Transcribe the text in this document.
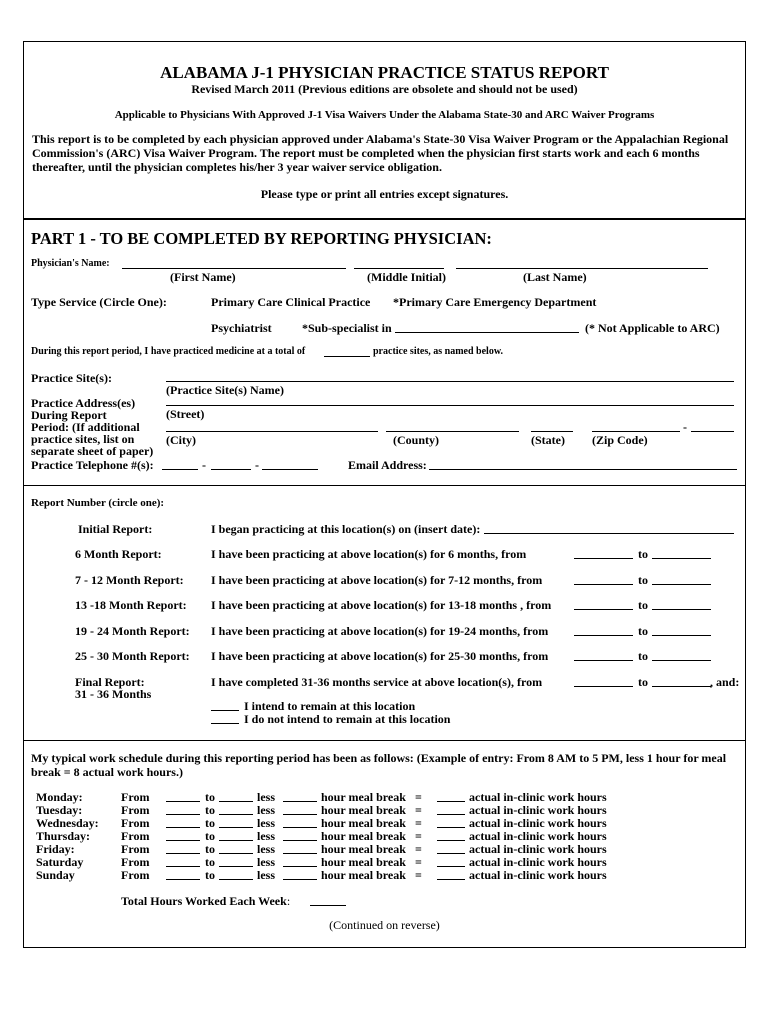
ALABAMA J-1 PHYSICIAN PRACTICE STATUS REPORT
Revised March 2011 (Previous editions are obsolete and should not be used)
Applicable to Physicians With Approved J-1 Visa Waivers Under the Alabama State-30 and ARC Waiver Programs
This report is to be completed by each physician approved under Alabama's State-30 Visa Waiver Program or the Appalachian Regional Commission's (ARC) Visa Waiver Program. The report must be completed when the physician first starts work and each 6 months thereafter, until the physician completes his/her 3 year waiver service obligation.
Please type or print all entries except signatures.
PART 1 - TO BE COMPLETED BY REPORTING PHYSICIAN:
Physician's Name:
(First Name)	(Middle Initial)	(Last Name)
Type Service (Circle One):	Primary Care Clinical Practice *Primary Care Emergency Department
Psychiatrist	*Sub-specialist in	(* Not Applicable to ARC)
During this report period, I have practiced medicine at a total of	practice sites, as named below.
Practice Site(s):
(Practice Site(s) Name)
Practice Address(es)
During Report
Period: (If additional
practice sites, list on
separate sheet of paper)
(Street)
-
(City)	(County)	(State) (Zip Code)
Practice Telephone #(s):	-	-	Email Address:
Report Number (circle one):
Initial Report:	I began practicing at this location(s) on (insert date):
6 Month Report:	I have been practicing at above location(s) for 6 months, from	to
7 - 12 Month Report: I have been practicing at above location(s) for 7-12 months, from	to
13 -18 Month Report: I have been practicing at above location(s) for 13-18 months , from	to
19 - 24 Month Report: I have been practicing at above location(s) for 19-24 months, from	to
25 - 30 Month Report: I have been practicing at above location(s) for 25-30 months, from	to
Final Report:
31 - 36 Months
I have completed 31-36 months service at above location(s), from	to	, and:
I intend to remain at this location
I do not intend to remain at this location
My typical work schedule during this reporting period has been as follows: (Example of entry: From 8 AM to 5 PM, less 1 hour for meal break = 8 actual work hours.)
Monday:	From	to	less	hour meal break =	actual in-clinic work hours
Tuesday:	From	to	less	hour meal break =	actual in-clinic work hours
Wednesday: From	to	less	hour meal break =	actual in-clinic work hours
Thursday:	From	to	less	hour meal break =	actual in-clinic work hours
Friday:	From	to	less	hour meal break =	actual in-clinic work hours
Saturday	From	to	less	hour meal break =	actual in-clinic work hours
Sunday	From	to	less	hour meal break =	actual in-clinic work hours
Total Hours Worked Each Week:
(Continued on reverse)
